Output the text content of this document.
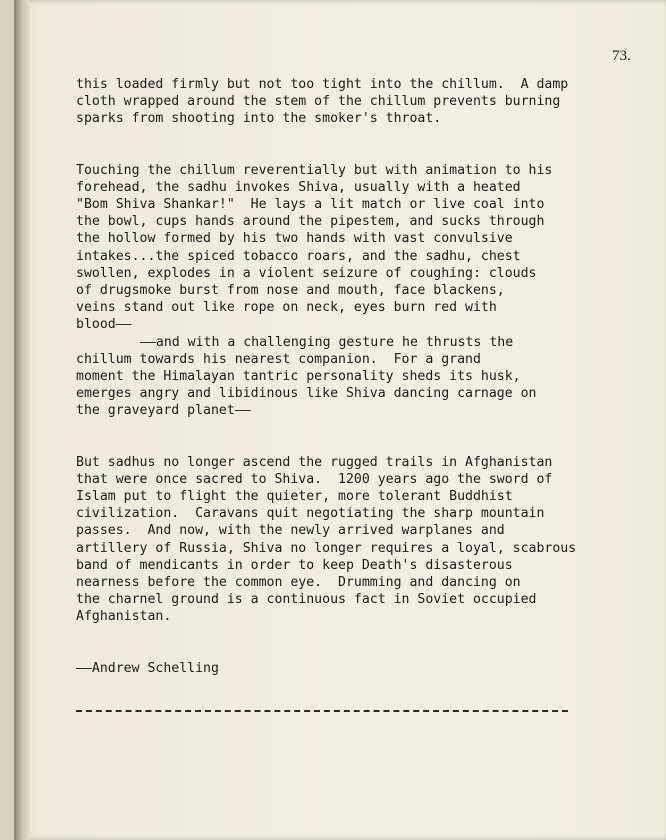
73.
this loaded firmly but not too tight into the chillum.  A damp
cloth wrapped around the stem of the chillum prevents burning
sparks from shooting into the smoker's throat.
Touching the chillum reverentially but with animation to his
forehead, the sadhu invokes Shiva, usually with a heated
"Bom Shiva Shankar!"  He lays a lit match or live coal into
the bowl, cups hands around the pipestem, and sucks through
the hollow formed by his two hands with vast convulsive
intakes...the spiced tobacco roars, and the sadhu, chest
swollen, explodes in a violent seizure of coughing: clouds
of drugsmoke burst from nose and mouth, face blackens,
veins stand out like rope on neck, eyes burn red with
blood——
——and with a challenging gesture he thrusts the
chillum towards his nearest companion.  For a grand
moment the Himalayan tantric personality sheds its husk,
emerges angry and libidinous like Shiva dancing carnage on
the graveyard planet——
But sadhus no longer ascend the rugged trails in Afghanistan
that were once sacred to Shiva.  1200 years ago the sword of
Islam put to flight the quieter, more tolerant Buddhist
civilization.  Caravans quit negotiating the sharp mountain
passes.  And now, with the newly arrived warplanes and
artillery of Russia, Shiva no longer requires a loyal, scabrous
band of mendicants in order to keep Death's disasterous
nearness before the common eye.  Drumming and dancing on
the charnel ground is a continuous fact in Soviet occupied
Afghanistan.
——Andrew Schelling
